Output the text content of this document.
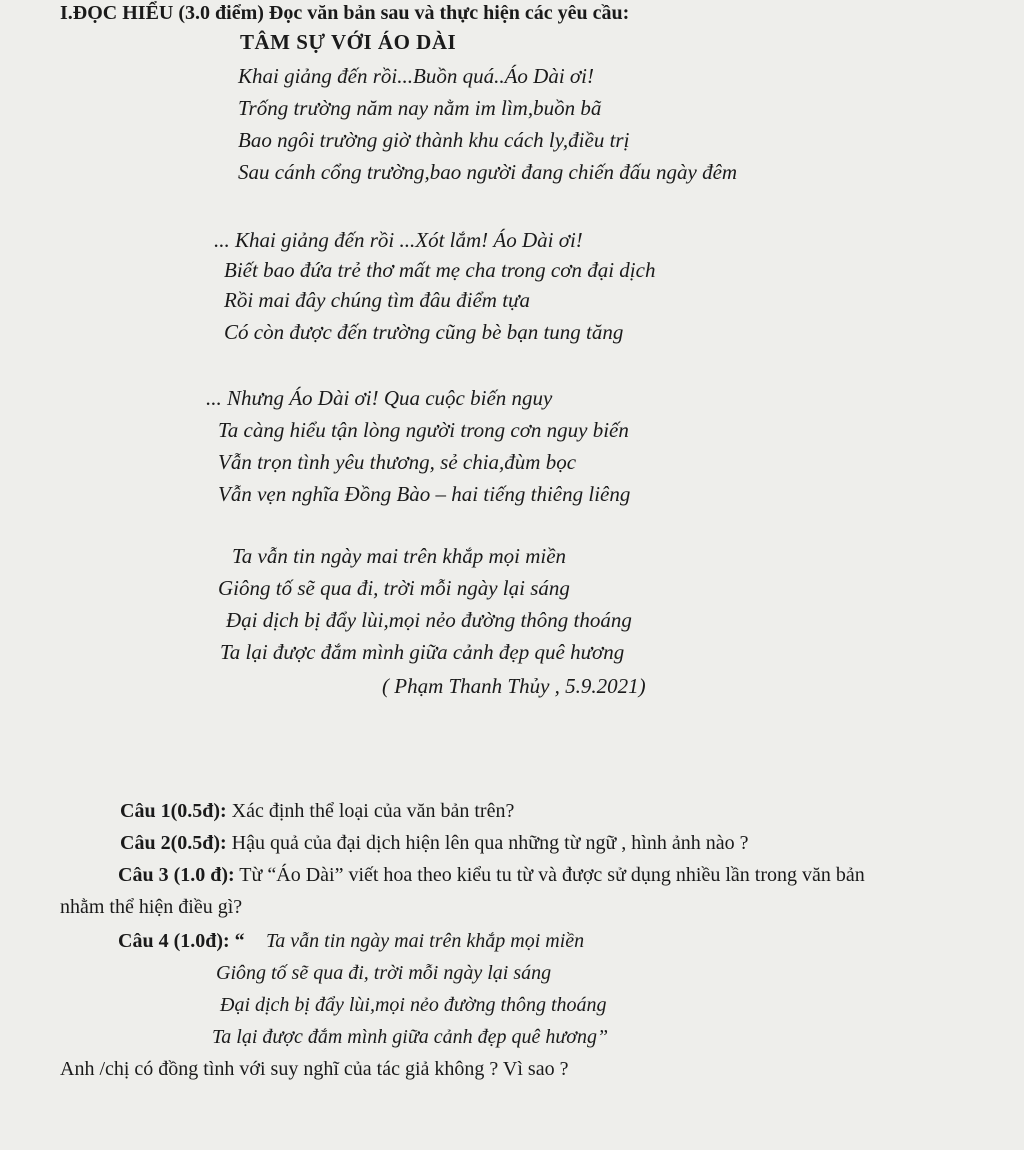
I.ĐỌC HIỂU (3.0 điểm) Đọc văn bản sau và thực hiện các yêu cầu:
TÂM SỰ VỚI ÁO DÀI
Khai giảng đến rồi...Buồn quá..Áo Dài ơi!
Trống trường năm nay nằm im lìm,buồn bã
Bao ngôi trường giờ thành khu cách ly,điều trị
Sau cánh cổng trường,bao người đang chiến đấu ngày đêm
... Khai giảng đến rồi ...Xót lắm! Áo Dài ơi!
Biết bao đứa trẻ thơ mất mẹ cha trong cơn đại dịch
Rồi mai đây chúng tìm đâu điểm tựa
Có còn được đến trường cũng bè bạn tung tăng
... Nhưng Áo Dài ơi! Qua cuộc biến nguy
Ta càng hiểu tận lòng người trong cơn nguy biến
Vẫn trọn tình yêu thương, sẻ chia,đùm bọc
Vẫn vẹn nghĩa Đồng Bào – hai tiếng thiêng liêng
Ta vẫn tin ngày mai trên khắp mọi miền
Giông tố sẽ qua đi, trời mỗi ngày lại sáng
Đại dịch bị đẩy lùi,mọi nẻo đường thông thoáng
Ta lại được đắm mình giữa cảnh đẹp quê hương
( Phạm Thanh Thủy , 5.9.2021)
Câu 1(0.5đ): Xác định thể loại của văn bản trên?
Câu 2(0.5đ): Hậu quả của đại dịch hiện lên qua những từ ngữ , hình ảnh nào ?
Câu 3 (1.0 đ): Từ “Áo Dài” viết hoa theo kiểu tu từ và được sử dụng nhiều lần trong văn bản
nhằm thể hiện điều gì?
Câu 4 (1.0đ): “ Ta vẫn tin ngày mai trên khắp mọi miền
Giông tố sẽ qua đi, trời mỗi ngày lại sáng
Đại dịch bị đẩy lùi,mọi nẻo đường thông thoáng
Ta lại được đắm mình giữa cảnh đẹp quê hương”
Anh /chị có đồng tình với suy nghĩ của tác giả không ? Vì sao ?
